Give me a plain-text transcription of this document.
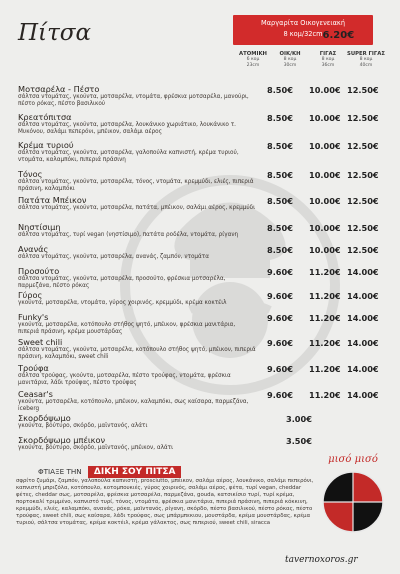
Πίτσα	Μαργαρίτα Οικογενειακή
8 κομ/32cm 6.20€
ΑΤΟΜΙΚΗ
6 κομ
23cm
ΟΙΚ/ΚΗ
8 κομ
30cm
ΓΙΓΑΣ
8 κομ
36cm
SUPER ΓΙΓΑΣ
8 κομ
40cm
Μοτσαρέλα - Πέστο
σάλτσα ντομάτας, γκούντα, μοτσαρέλα, ντομάτα, φρέσκια μοτσαρέλα, μανούρι, πέστο ρόκας, πέστο βασιλικού
8.50€ 10.00€ 12.50€
Κρεατόπιτσα
σάλτσα ντομάτας, γκούντα, μοτσαρέλα, λουκάνικο χωριάτικο, λουκάνικο τ. Μυκόνου, σαλάμι πεπερόνι, μπέικον, σαλάμι αέρος
8.50€ 10.00€ 12.50€
Κρέμα τυριού
σάλτσα ντομάτας, γκούντα, μοτσαρέλα, γαλοπούλα καπνιστή, κρέμα τυριού, ντομάτα, καλαμπόκι, πιπεριά πράσινη
8.50€ 10.00€ 12.50€
Τόνος
σάλτσα ντομάτας, γκούντα, μοτσαρέλα, τόνος, ντομάτα, κρεμμύδι, ελιές, πιπεριά πράσινη, καλαμπόκι
8.50€ 10.00€ 12.50€
Πατάτα Μπέικον
σάλτσα ντομάτας, γκούντα, μοτσαρέλα, πατάτα, μπέικον, σαλάμι αέρος, κρεμμύδι
8.50€ 10.00€ 12.50€
Νηστίσιμη
σάλτσα ντομάτας, τυρί vegan (νηστίσιμο), πατάτα ροδέλα, ντομάτα, ρίγανη
8.50€ 10.00€ 12.50€
Ανανάς
σάλτσα ντομάτας, γκούντα, μοτσαρέλα, ανανάς, ζαμπόν, ντομάτα
8.50€ 10.00€ 12.50€
Προσούτο
σάλτσα ντομάτας, γκούντα, μοτσαρέλα, προσούτο, φρέσκια μοτσαρέλα, παρμεζάνα, πέστο ρόκας
9.60€ 11.20€ 14.00€
Γύρος
γκούντα, μοτσαρέλα, ντομάτα, γύρος χοιρινός, κρεμμύδι, κρέμα κοκτέιλ
9.60€ 11.20€ 14.00€
Funky's
γκούντα, μοτσαρέλα, κοτόπουλο στήθος ψητό, μπέικον, φρέσκια μανιτάρια, πιπεριά πράσινη, κρέμα μουστάρδας
9.60€ 11.20€ 14.00€
Sweet chili
σάλτσα ντομάτας, γκούντα, μοτσαρέλα, κοτόπουλο στήθος ψητό, μπέικον, πιπεριά πράσινη, καλαμπόκι, sweet chili
9.60€ 11.20€ 14.00€
Τρούφα
σάλτσα τρούφας, γκούντα, μοτσαρέλα, πέστο τρούφας, ντομάτα, φρέσκια μανιτάρια, λάδι τρούφας, πέστο τρούφας
9.60€ 11.20€ 14.00€
Ceasar's
γκούντα, μοτσαρέλα, κοτόπουλο, μπέικον, καλαμπόκι, σως καίσαρα, παρμεζάνα, iceberg
9.60€ 11.20€ 14.00€
Σκορδόψωμο
γκούντα, βούτυρο, σκόρδο, μαϊντανός, αλάτι
3.00€
Σκορδόψωμο μπέικον
γκούντα, βούτυρο, σκόρδο, μαϊντανός, μπέικον, αλάτι
3.50€
ΦΤΙΑΞΕ ΤΗΝ ΔΙΚΗ ΣΟΥ ΠΙΤΣΑ
σφρίτο ζυμάρι, ζαμπόν, γαλοπούλα καπνιστή, prosciutto, μπέικον, σαλάμι αέρος, λουκάνικο, σαλάμι πεπερόνι, καπνιστή μπριζόλα, κοτόπουλο, κοτομπουκιές, γύρος χοιρινός, σαλάμι αέρος, φέτα, τυρί vegan, cheddar φέτες, cheddar σως, μοτσαρέλα, φρέσκια μοτσαρέλα, παρμεζάνα, gouda, κατσικίσιο τυρί, τυρί κρέμα, πορτοκαλί τριμμένο, καπνιστό τυρί, τόνος, ντομάτα, φρέσκια μανιτάρια, πιπεριά πράσινη, πιπεριά κόκκινη, κρεμμύδι, ελιές, καλαμπόκι, ανανάς, ρόκα, μαϊντανός, ρίγανη, σκόρδο, πέστο βασιλικού, πέστο ρόκας, πέστο τρούφας, sweet chili, σως καίσαρα, λάδι τρούφας, σως μπάρμπεκιου, μουστάρδα, κρέμα μουστάρδας, κρέμα τυριού, σάλτσα ντομάτας, κρέμα κοκτέιλ, κρέμα γάλακτος, σως πιπεριού, sweet chili, siracca
μισό μισό
tavernoxoros.gr
